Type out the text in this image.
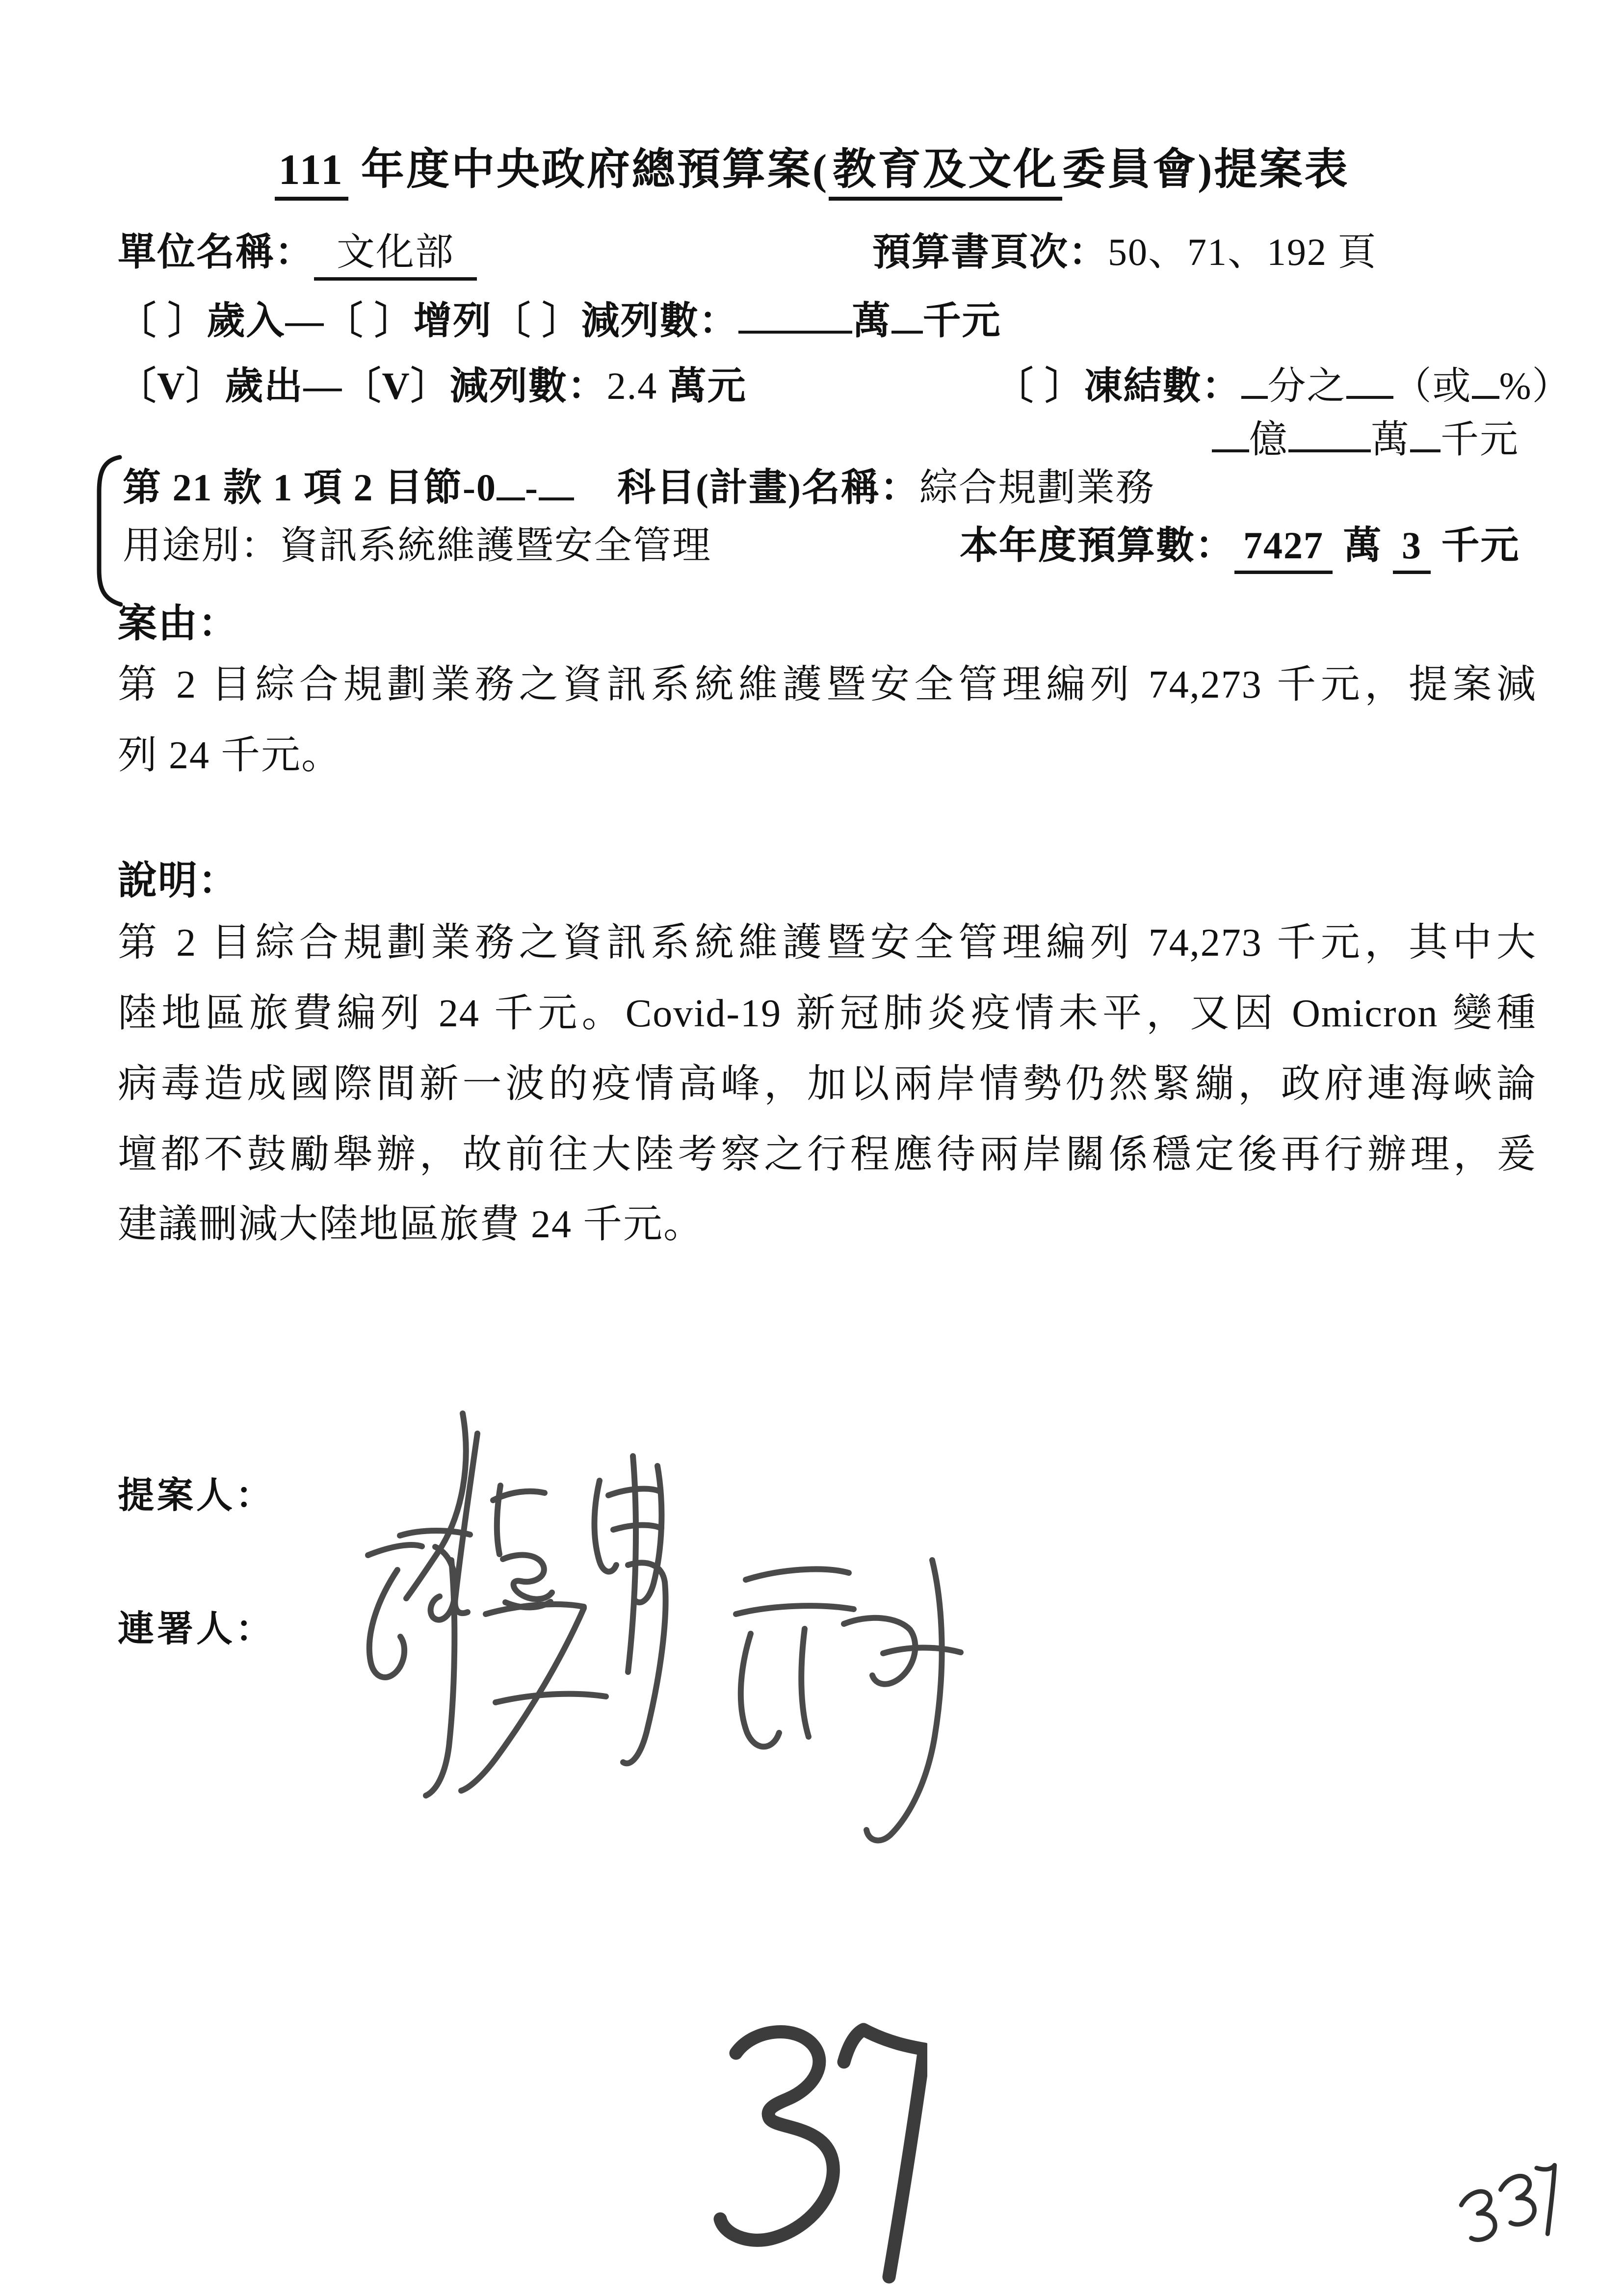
111 年度中央政府總預算案(教育及文化委員會)提案表
單位名稱： 文化部	預算書頁次：50、71、192 頁
〔 〕歲入—〔 〕增列〔 〕減列數：	萬 千元
〔V〕歲出—〔V〕減列數：2.4 萬元	〔 〕凍結數： 分之 （或 %）
億 萬 千元
第 21 款 1 項 2 目節-0 - 科目(計畫)名稱：綜合規劃業務
用途別：資訊系統維護暨安全管理	本年度預算數： 7427 萬 3 千元
案由：
第 2 目綜合規劃業務之資訊系統維護暨安全管理編列 74,273 千元，提案減
列 24 千元。
說明：
第 2 目綜合規劃業務之資訊系統維護暨安全管理編列 74,273 千元，其中大
陸地區旅費編列 24 千元。Covid-19 新冠肺炎疫情未平，又因 Omicron 變種
病毒造成國際間新一波的疫情高峰，加以兩岸情勢仍然緊繃，政府連海峽論
壇都不鼓勵舉辦，故前往大陸考察之行程應待兩岸關係穩定後再行辦理，爰
建議刪減大陸地區旅費 24 千元。
提案人：
連署人：
